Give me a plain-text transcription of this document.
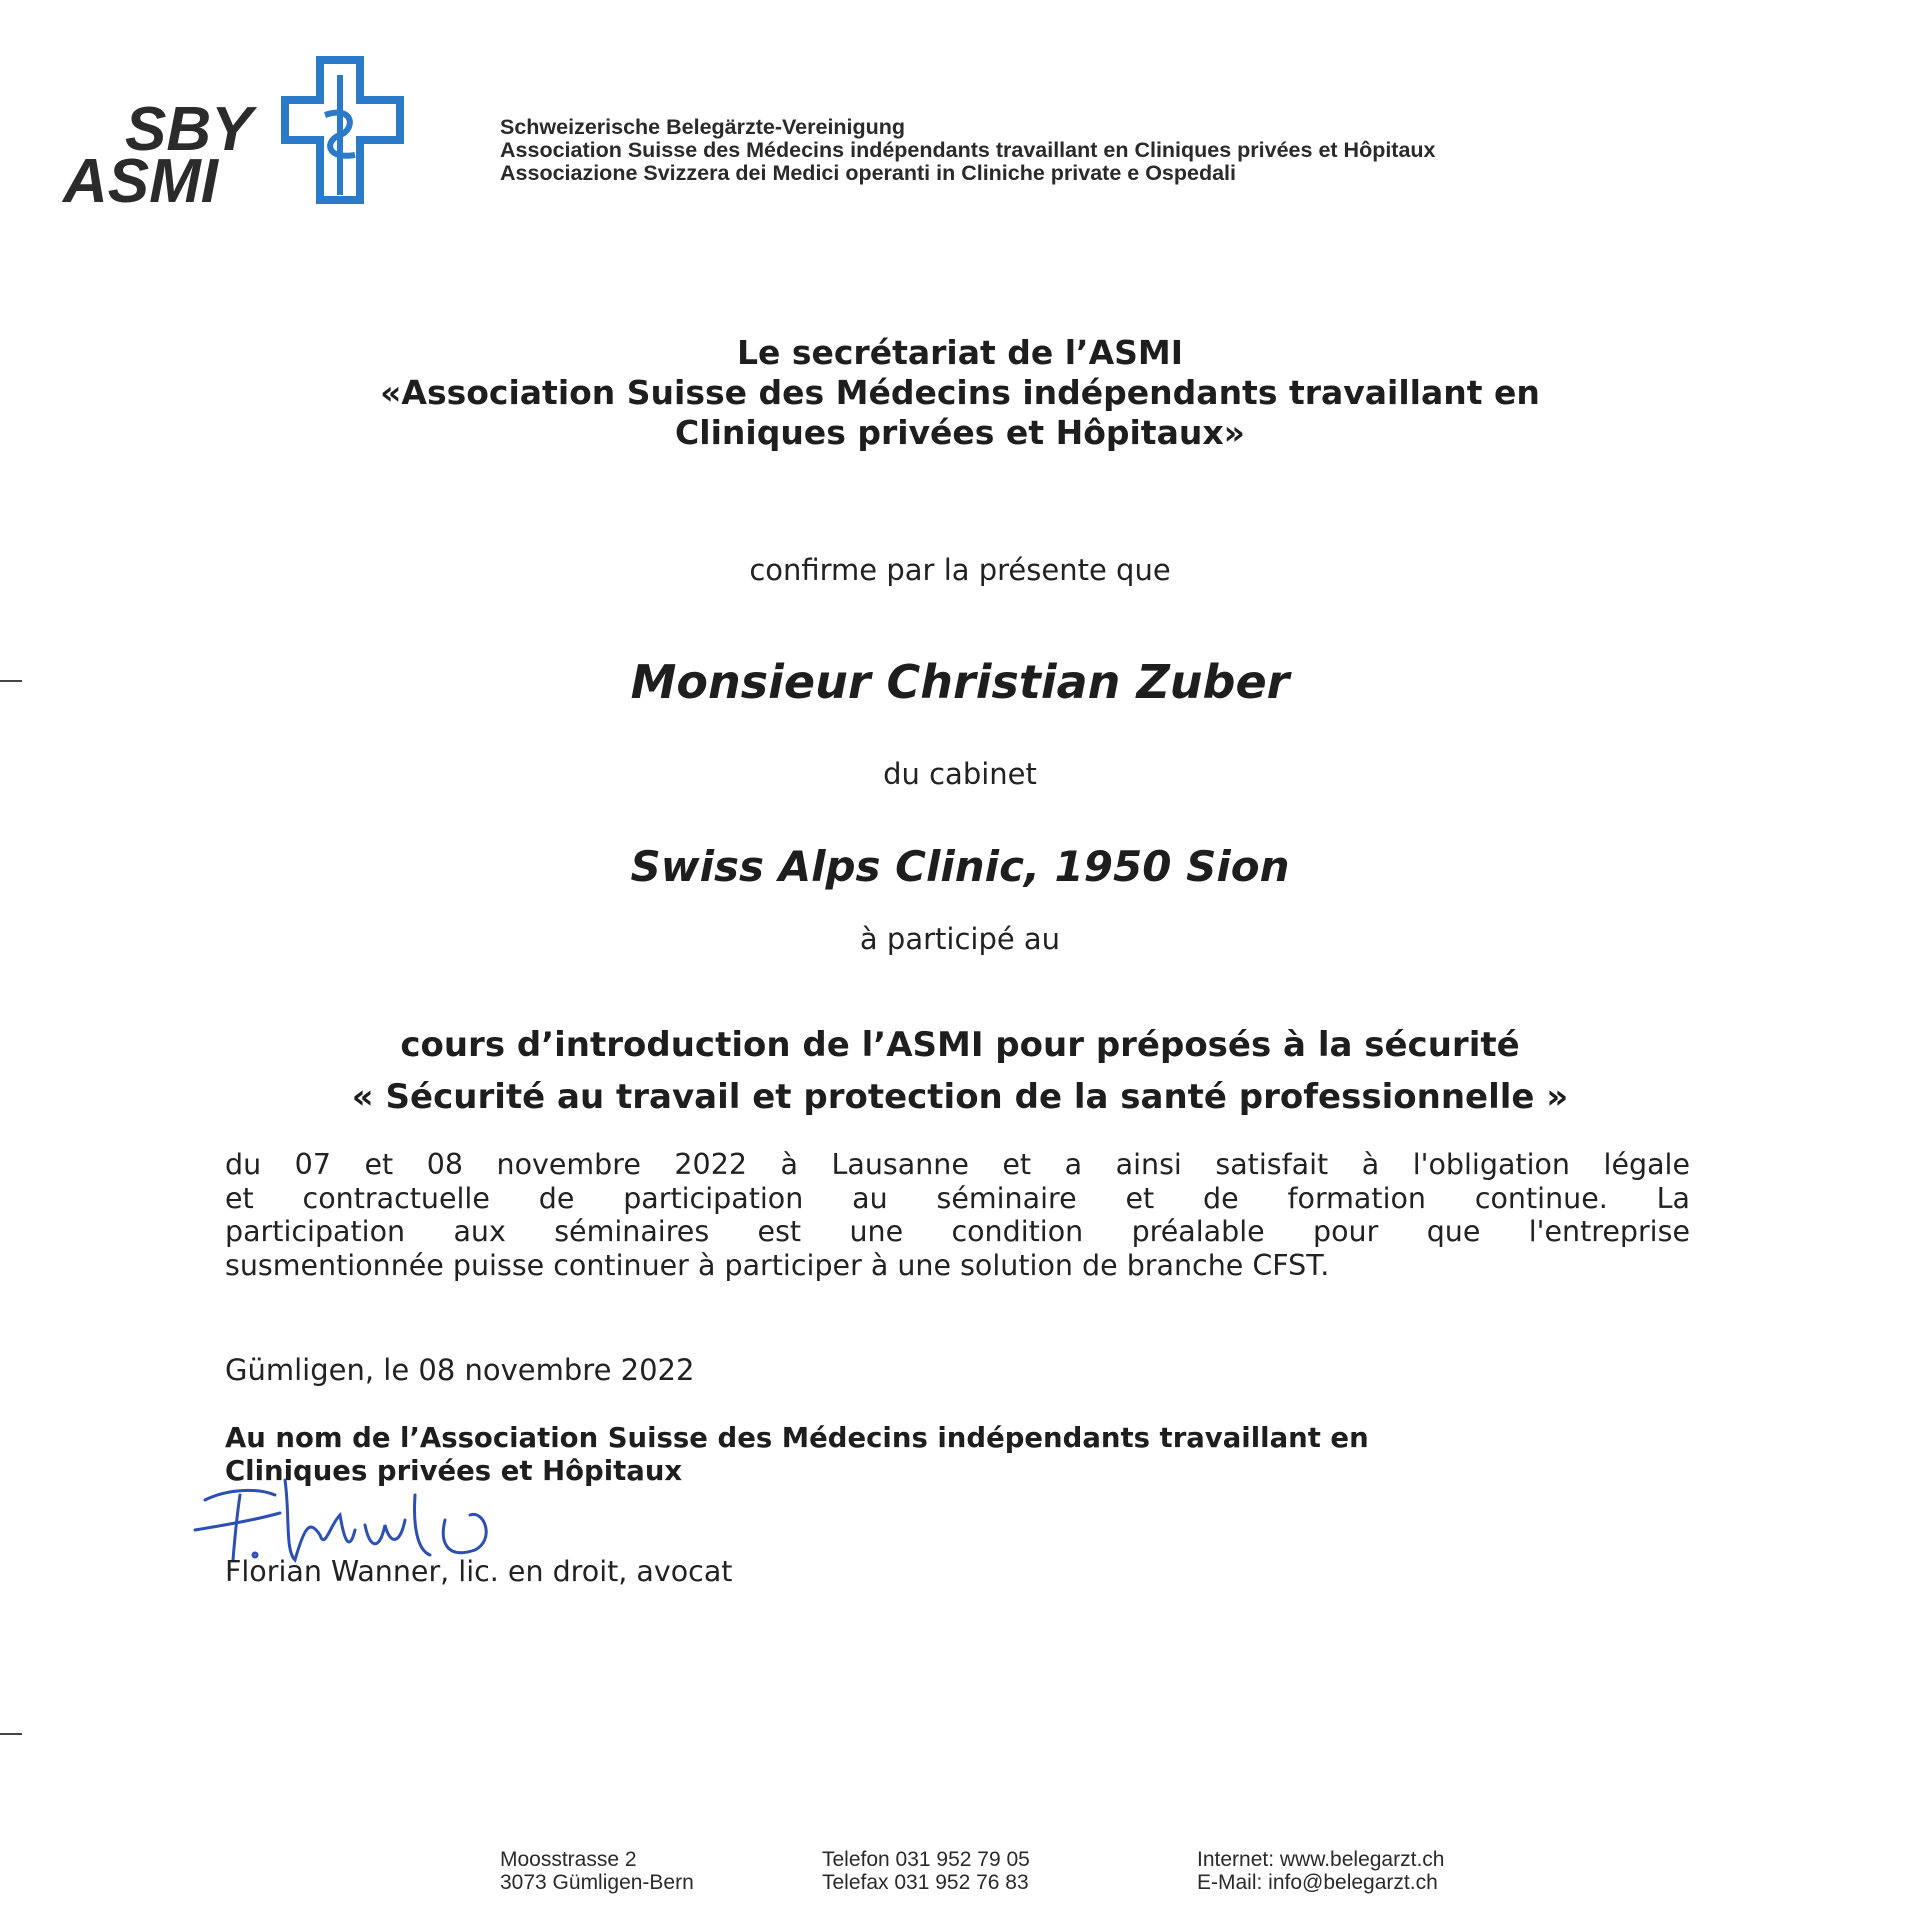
SBY
ASMI
Schweizerische Belegärzte-Vereinigung
Association Suisse des Médecins indépendants travaillant en Cliniques privées et Hôpitaux
Associazione Svizzera dei Medici operanti in Cliniche private e Ospedali
Le secrétariat de l’ASMI
«Association Suisse des Médecins indépendants travaillant en
Cliniques privées et Hôpitaux»
confirme par la présente que
Monsieur Christian Zuber
du cabinet
Swiss Alps Clinic, 1950 Sion
à participé au
cours d’introduction de l’ASMI pour préposés à la sécurité
« Sécurité au travail et protection de la santé professionnelle »
du 07 et 08 novembre 2022 à Lausanne et a ainsi satisfait à l'obligation légale
et contractuelle de participation au séminaire et de formation continue. La
participation aux séminaires est une condition préalable pour que l'entreprise
susmentionnée puisse continuer à participer à une solution de branche CFST.
Gümligen, le 08 novembre 2022
Au nom de l’Association Suisse des Médecins indépendants travaillant en
Cliniques privées et Hôpitaux
Florian Wanner, lic. en droit, avocat
Moosstrasse 2
3073 Gümligen-Bern
Telefon 031 952 79 05
Telefax 031 952 76 83
Internet: www.belegarzt.ch
E-Mail: info@belegarzt.ch
